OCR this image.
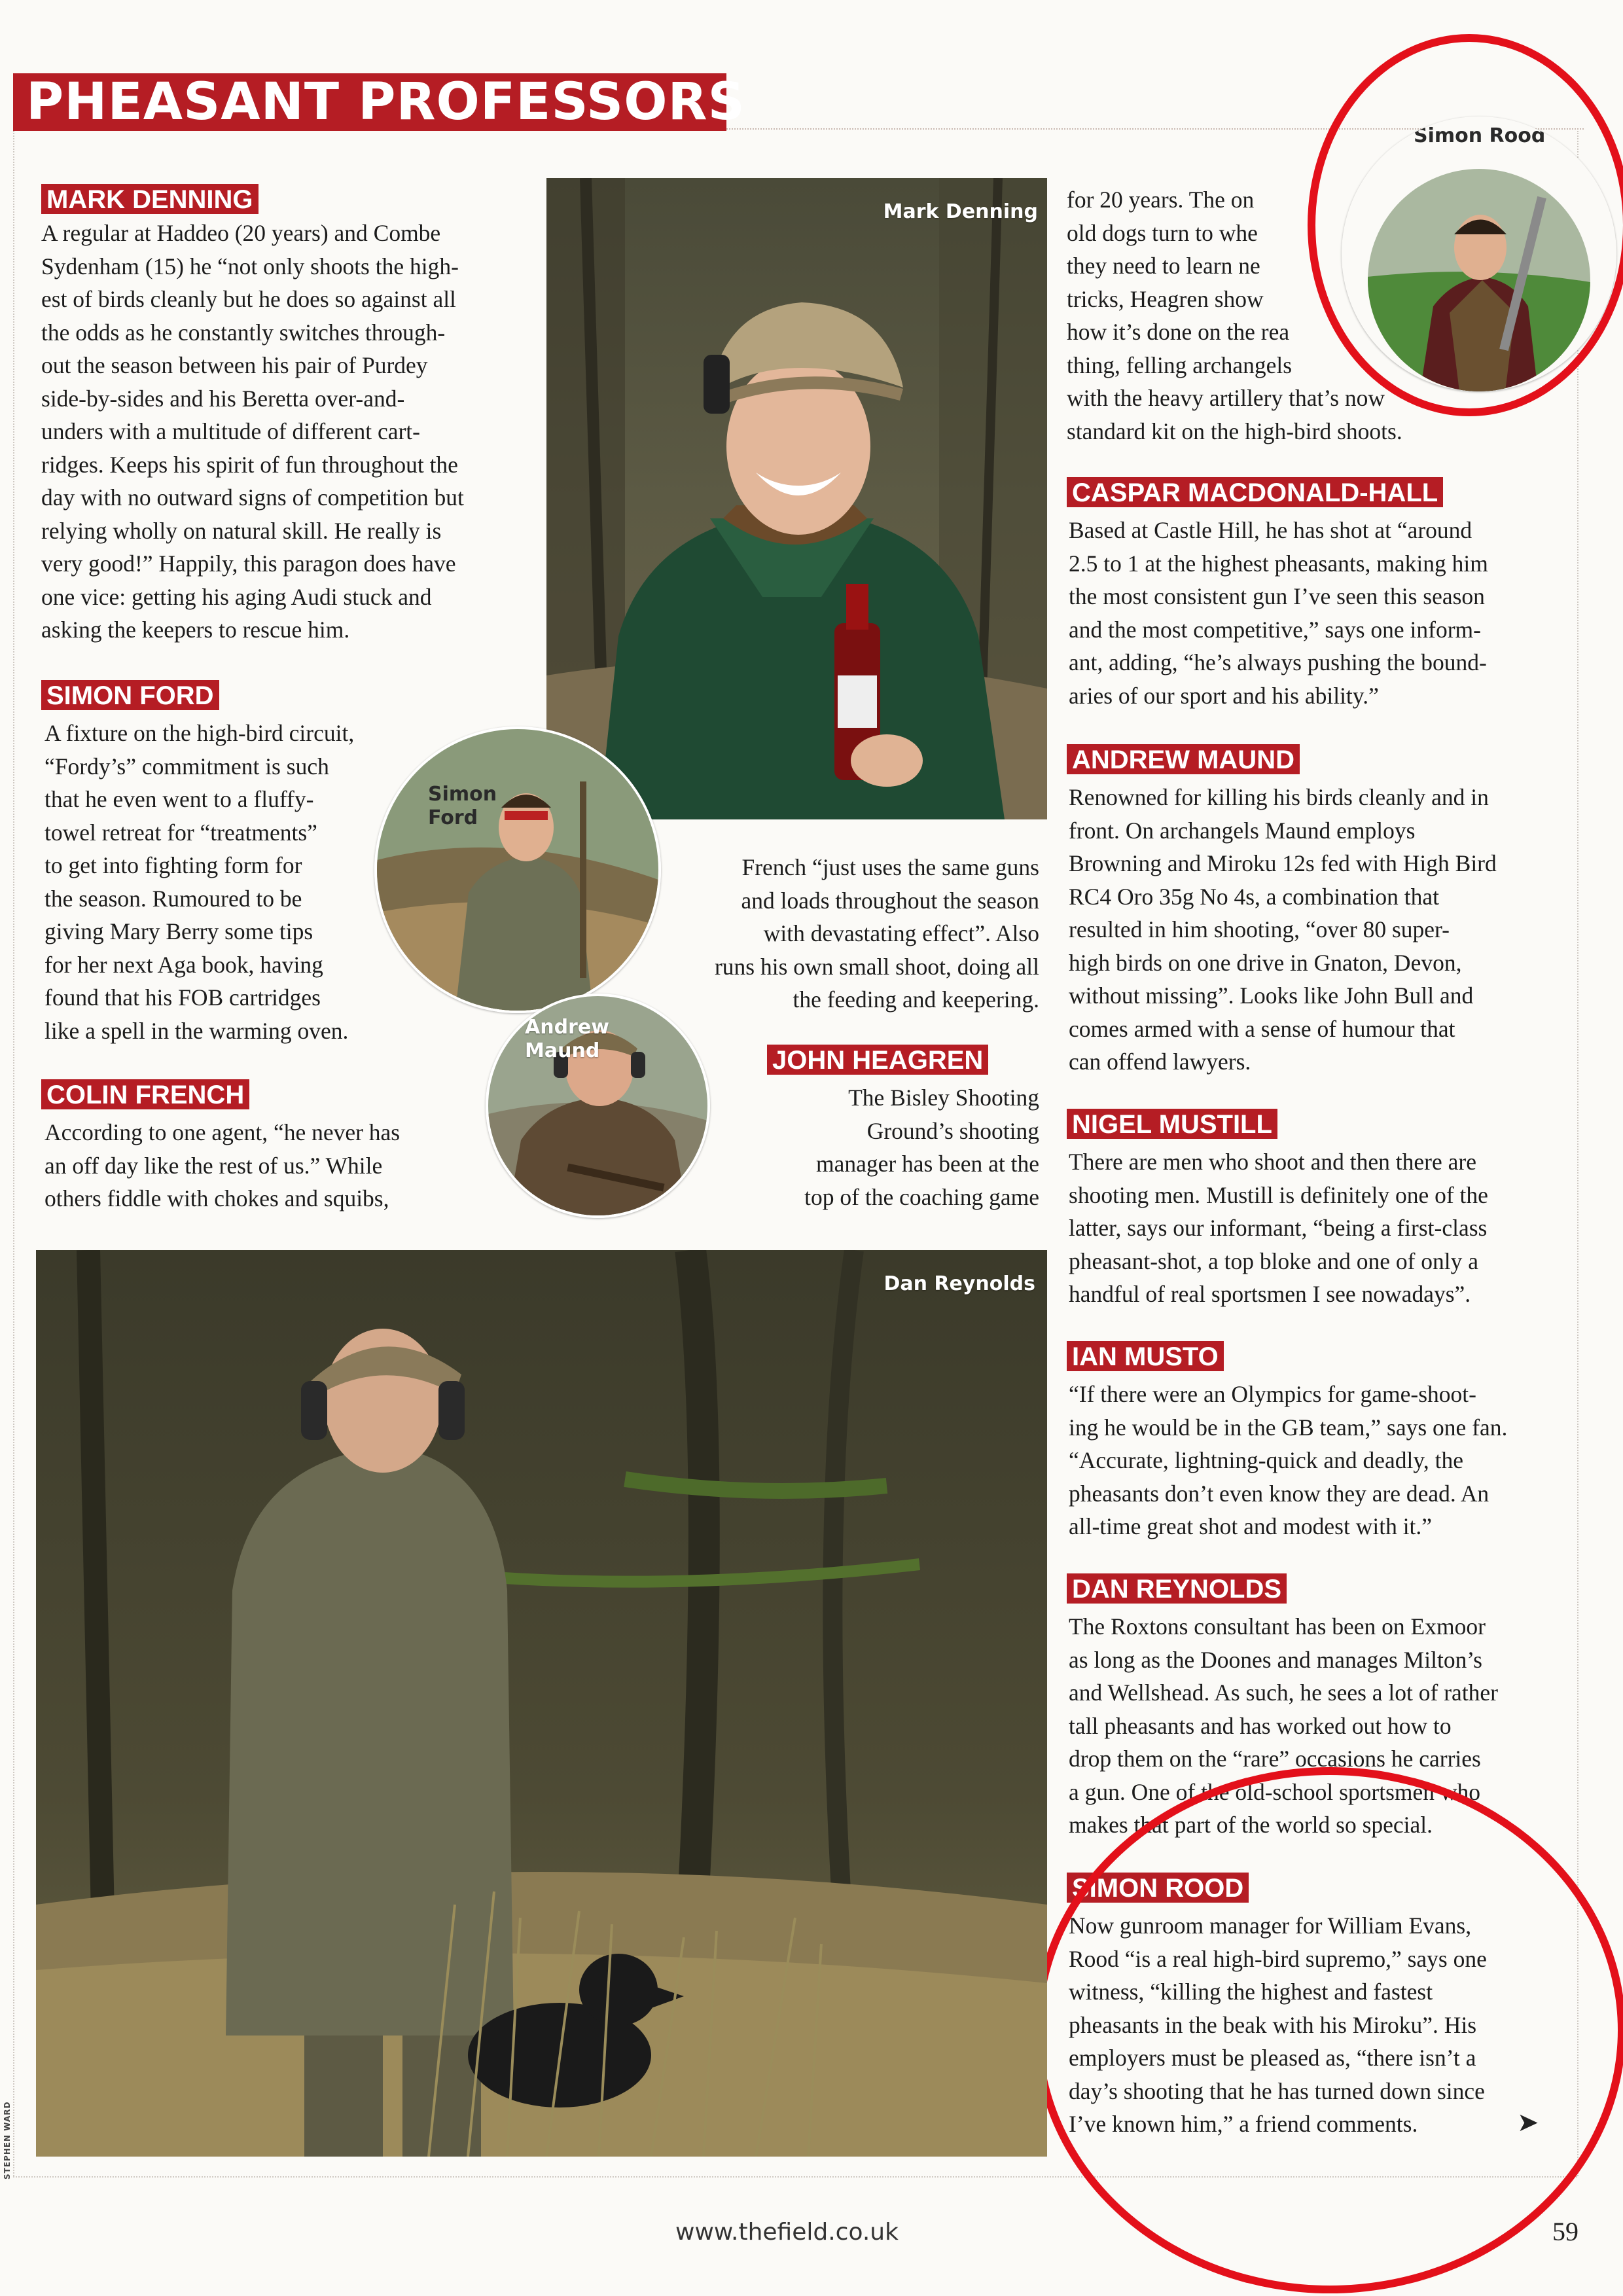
PHEASANT PROFESSORS
Mark Denning
MARK DENNING
A regular at Haddeo (20 years) and Combe
Sydenham (15) he “not only shoots the high-
est of birds cleanly but he does so against all
the odds as he constantly switches through-
out the season between his pair of Purdey
side-by-sides and his Beretta over-and-
unders with a multitude of different cart-
ridges. Keeps his spirit of fun throughout the
day with no outward signs of competition but
relying wholly on natural skill. He really is
very good!” Happily, this paragon does have
one vice: getting his aging Audi stuck and
asking the keepers to rescue him.
SIMON FORD
A fixture on the high-bird circuit,
“Fordy’s” commitment is such
that he even went to a fluffy-
towel retreat for “treatments”
to get into fighting form for
the season. Rumoured to be
giving Mary Berry some tips
for her next Aga book, having
found that his FOB cartridges
like a spell in the warming oven.
Simon
Ford
COLIN FRENCH
According to one agent, “he never has
an off day like the rest of us.” While
others fiddle with chokes and squibs,
French “just uses the same guns
and loads throughout the season
with devastating effect”. Also
runs his own small shoot, doing all
the feeding and keepering.
Andrew
Maund	JOHN HEAGREN
The Bisley Shooting
Ground’s shooting
manager has been at the
top of the coaching game
for 20 years. The on
old dogs turn to whe
they need to learn ne
tricks, Heagren show
how it’s done on the rea
thing, felling archangels
with the heavy artillery that’s now
standard kit on the high-bird shoots.
Simon Rood
CASPAR MACDONALD-HALL
Based at Castle Hill, he has shot at “around
2.5 to 1 at the highest pheasants, making him
the most consistent gun I’ve seen this season
and the most competitive,” says one inform-
ant, adding, “he’s always pushing the bound-
aries of our sport and his ability.”
ANDREW MAUND
Renowned for killing his birds cleanly and in
front. On archangels Maund employs
Browning and Miroku 12s fed with High Bird
RC4 Oro 35g No 4s, a combination that
resulted in him shooting, “over 80 super-
high birds on one drive in Gnaton, Devon,
without missing”. Looks like John Bull and
comes armed with a sense of humour that
can offend lawyers.
NIGEL MUSTILL
There are men who shoot and then there are
shooting men. Mustill is definitely one of the
latter, says our informant, “being a first-class
pheasant-shot, a top bloke and one of only a
handful of real sportsmen I see nowadays”.
IAN MUSTO
“If there were an Olympics for game-shoot-
ing he would be in the GB team,” says one fan.
“Accurate, lightning-quick and deadly, the
pheasants don’t even know they are dead. An
all-time great shot and modest with it.”
DAN REYNOLDS
The Roxtons consultant has been on Exmoor
as long as the Doones and manages Milton’s
and Wellshead. As such, he sees a lot of rather
tall pheasants and has worked out how to
drop them on the “rare” occasions he carries
a gun. One of the old-school sportsmen who
makes that part of the world so special.
SIMON ROOD
Now gunroom manager for William Evans,
Rood “is a real high-bird supremo,” says one
witness, “killing the highest and fastest
pheasants in the beak with his Miroku”. His
employers must be pleased as, “there isn’t a
day’s shooting that he has turned down since
I’ve known him,” a friend comments.	➤
Dan Reynolds
STEPHEN WARD
www.thefield.co.uk	59
